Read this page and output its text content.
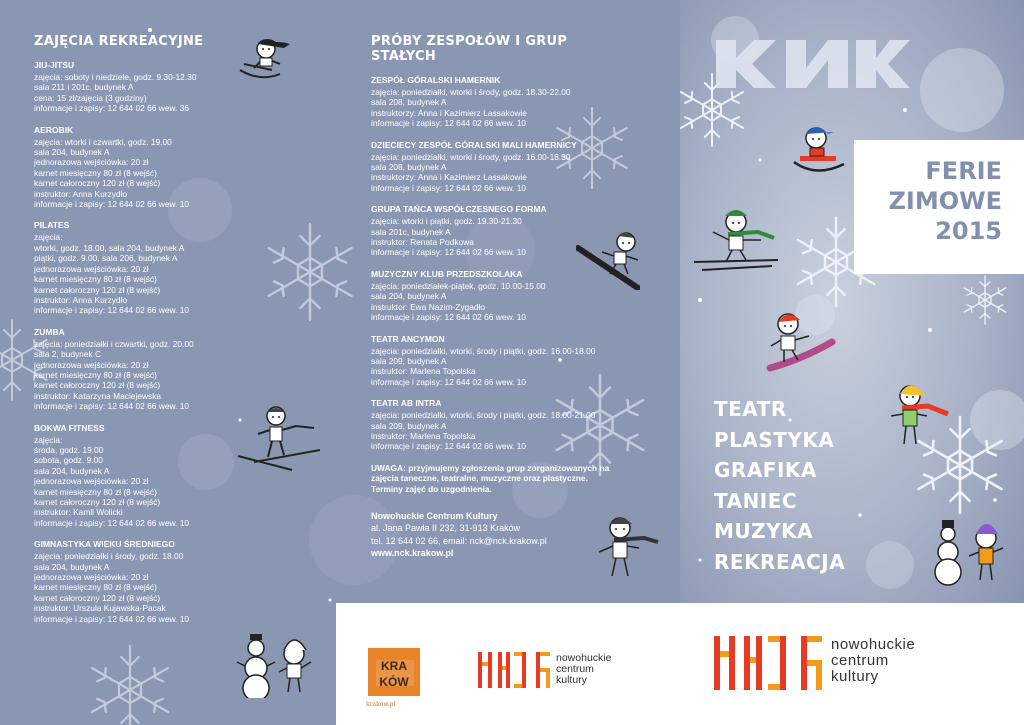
ZAJĘCIA REKREACYJNE
JIU-JITSU
zajęcia: soboty i niedziele, godz. 9.30-12.30
sala 211 i 201c, budynek A
cena: 15 zł/zajęcia (3 godziny)
informacje i zapisy: 12 644 02 66 wew. 36
AEROBIK
zajęcia: wtorki i czwartki, godz. 19.00
sala 204, budynek A
jednorazowa wejściówka: 20 zł
karnet miesięczny 80 zł (8 wejść)
karnet całoroczny 120 zł (8 wejść)
instruktor: Anna Kurzydło
informacje i zapisy: 12 644 02 66 wew. 10
PILATES
zajęcia:
wtorki, godz. 18.00, sala 204, budynek A
piątki, godz. 9.00, sala 206, budynek A
jednorazowa wejściówka: 20 zł
karnet miesięczny 80 zł (8 wejść)
karnet całoroczny 120 zł (8 wejść)
instruktor: Anna Kurzydło
informacje i zapisy: 12 644 02 66 wew. 10
ZUMBA
zajęcia: poniedziałki i czwartki, godz. 20.00
sala 2, budynek C
jednorazowa wejściówka: 20 zł
karnet miesięczny 80 zł (8 wejść)
karnet całoroczny 120 zł (8 wejść)
instruktor: Katarzyna Maciejewska
informacje i zapisy: 12 644 02 66 wew. 10
BOKWA FITNESS
zajęcia:
środa, godz. 19.00
sobota, godz. 9.00
sala 204, budynek A
jednorazowa wejściówka: 20 zł
karnet miesięczny 80 zł (8 wejść)
karnet całoroczny 120 zł (8 wejść)
instruktor: Kamil Wolicki
informacje i zapisy: 12 644 02 66 wew. 10
GIMNASTYKA WIEKU ŚREDNIEGO
zajęcia: poniedziałki i środy, godz. 18.00
sala 204, budynek A
jednorazowa wejściówka: 20 zł
karnet miesięczny 80 zł (8 wejść)
karnet całoroczny 120 zł (8 wejść)
instruktor: Urszula Kujawska-Pacak
informacje i zapisy: 12 644 02 66 wew. 10
PRÓBY ZESPOŁÓW I GRUP STAŁYCH
ZESPÓŁ GÓRALSKI HAMERNIK
zajęcia: poniedziałki, wtorki i środy, godz. 18.30-22.00
sala 208, budynek A
instruktorzy: Anna i Kazimierz Lassakowie
informacje i zapisy: 12 644 02 66 wew. 10
DZIECIECY ZESPÓŁ GÓRALSKI MALI HAMERNICY
zajęcia: poniedziałki, wtorki i środy, godz. 16.00-18.30
sala 208, budynek A
instruktorzy: Anna i Kazimierz Lassakowie
informacje i zapisy: 12 644 02 66 wew. 10
GRUPA TAŃCA WSPÓŁCZESNEGO FORMA
zajęcia: wtorki i piątki, godz. 19.30-21.30
sala 201c, budynek A
instruktor: Renata Podkowa
informacje i zapisy: 12 644 02 66 wew. 10
MUZYCZNY KLUB PRZEDSZKOLAKA
zajęcia: poniedziałek-piątek, godz. 10.00-15.00
sala 204, budynek A
instruktor: Ewa Nazim-Zygadło
informacje i zapisy: 12 644 02 66 wew. 10
TEATR ANCYMON
zajęcia: poniedziałki, wtorki, środy i piątki, godz. 16.00-18.00
sala 209, budynek A
instruktor: Marlena Topolska
informacje i zapisy: 12 644 02 66 wew. 10
TEATR AB INTRA
zajęcia: poniedziałki, wtorki, środy i piątki, godz. 18.00-21.00
sala 209, budynek A
instruktor: Marlena Topolska
informacje i zapisy: 12 644 02 66 wew. 10
UWAGA: przyjmujemy zgłoszenia grup zorganizowanych na
zajęcia taneczne, teatralne, muzyczne oraz plastyczne.
Terminy zajęć do uzgodnienia.
Nowohuckie Centrum Kultury
al. Jana Pawła II 232, 31-913 Kraków
tel. 12 644 02 66, email: nck@nck.krakow.pl
www.nck.krakow.pl
FERIE
ZIMOWE
2015
TEATR
PLASTYKA
GRAFIKA
TANIEC
MUZYKA
REKREACJA
KRA
KÓW
krakow.pl
nowohuckie
centrum
kultury
nowohuckie
centrum
kultury
